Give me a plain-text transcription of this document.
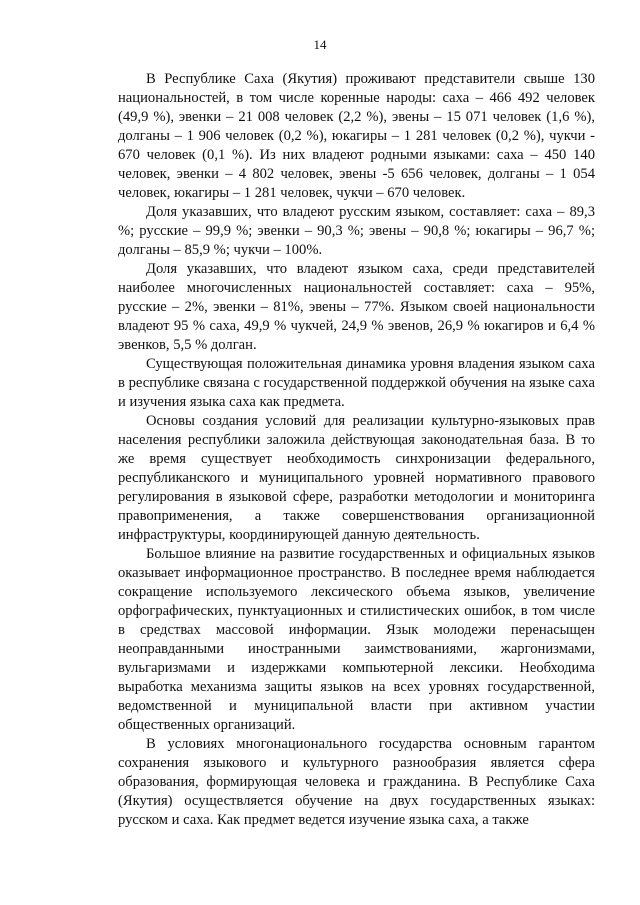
14

В Республике Саха (Якутия) проживают представители свыше 130 национальностей, в том числе коренные народы: саха – 466 492 человек (49,9 %), эвенки – 21 008 человек (2,2 %), эвены – 15 071 человек (1,6 %), долганы – 1 906 человек (0,2 %), юкагиры – 1 281 человек (0,2 %), чукчи - 670 человек (0,1 %). Из них владеют родными языками: саха – 450 140 человек, эвенки – 4 802 человек, эвены -5 656 человек, долганы – 1 054 человек, юкагиры – 1 281 человек, чукчи – 670 человек.

Доля указавших, что владеют русским языком, составляет: саха – 89,3 %; русские – 99,9 %; эвенки – 90,3 %; эвены – 90,8 %; юкагиры – 96,7 %; долганы – 85,9 %; чукчи – 100%.

Доля указавших, что владеют языком саха, среди представителей наиболее многочисленных национальностей составляет: саха – 95%, русские – 2%, эвенки – 81%, эвены – 77%. Языком своей национальности владеют 95 % саха, 49,9 % чукчей, 24,9 % эвенов, 26,9 % юкагиров и 6,4 % эвенков, 5,5 % долган.

Существующая положительная динамика уровня владения языком саха в республике связана с государственной поддержкой обучения на языке саха и изучения языка саха как предмета.

Основы создания условий для реализации культурно-языковых прав населения республики заложила действующая законодательная база. В то же время существует необходимость синхронизации федерального, республиканского и муниципального уровней нормативного правового регулирования в языковой сфере, разработки методологии и мониторинга правоприменения, а также совершенствования организационной инфраструктуры, координирующей данную деятельность.

Большое влияние на развитие государственных и официальных языков оказывает информационное пространство. В последнее время наблюдается сокращение используемого лексического объема языков, увеличение орфографических, пунктуационных и стилистических ошибок, в том числе в средствах массовой информации. Язык молодежи перенасыщен неоправданными иностранными заимствованиями, жаргонизмами, вульгаризмами и издержками компьютерной лексики. Необходима выработка механизма защиты языков на всех уровнях государственной, ведомственной и муниципальной власти при активном участии общественных организаций.

В условиях многонационального государства основным гарантом сохранения языкового и культурного разнообразия является сфера образования, формирующая человека и гражданина. В Республике Саха (Якутия) осуществляется обучение на двух государственных языках: русском и саха. Как предмет ведется изучение языка саха, а также
